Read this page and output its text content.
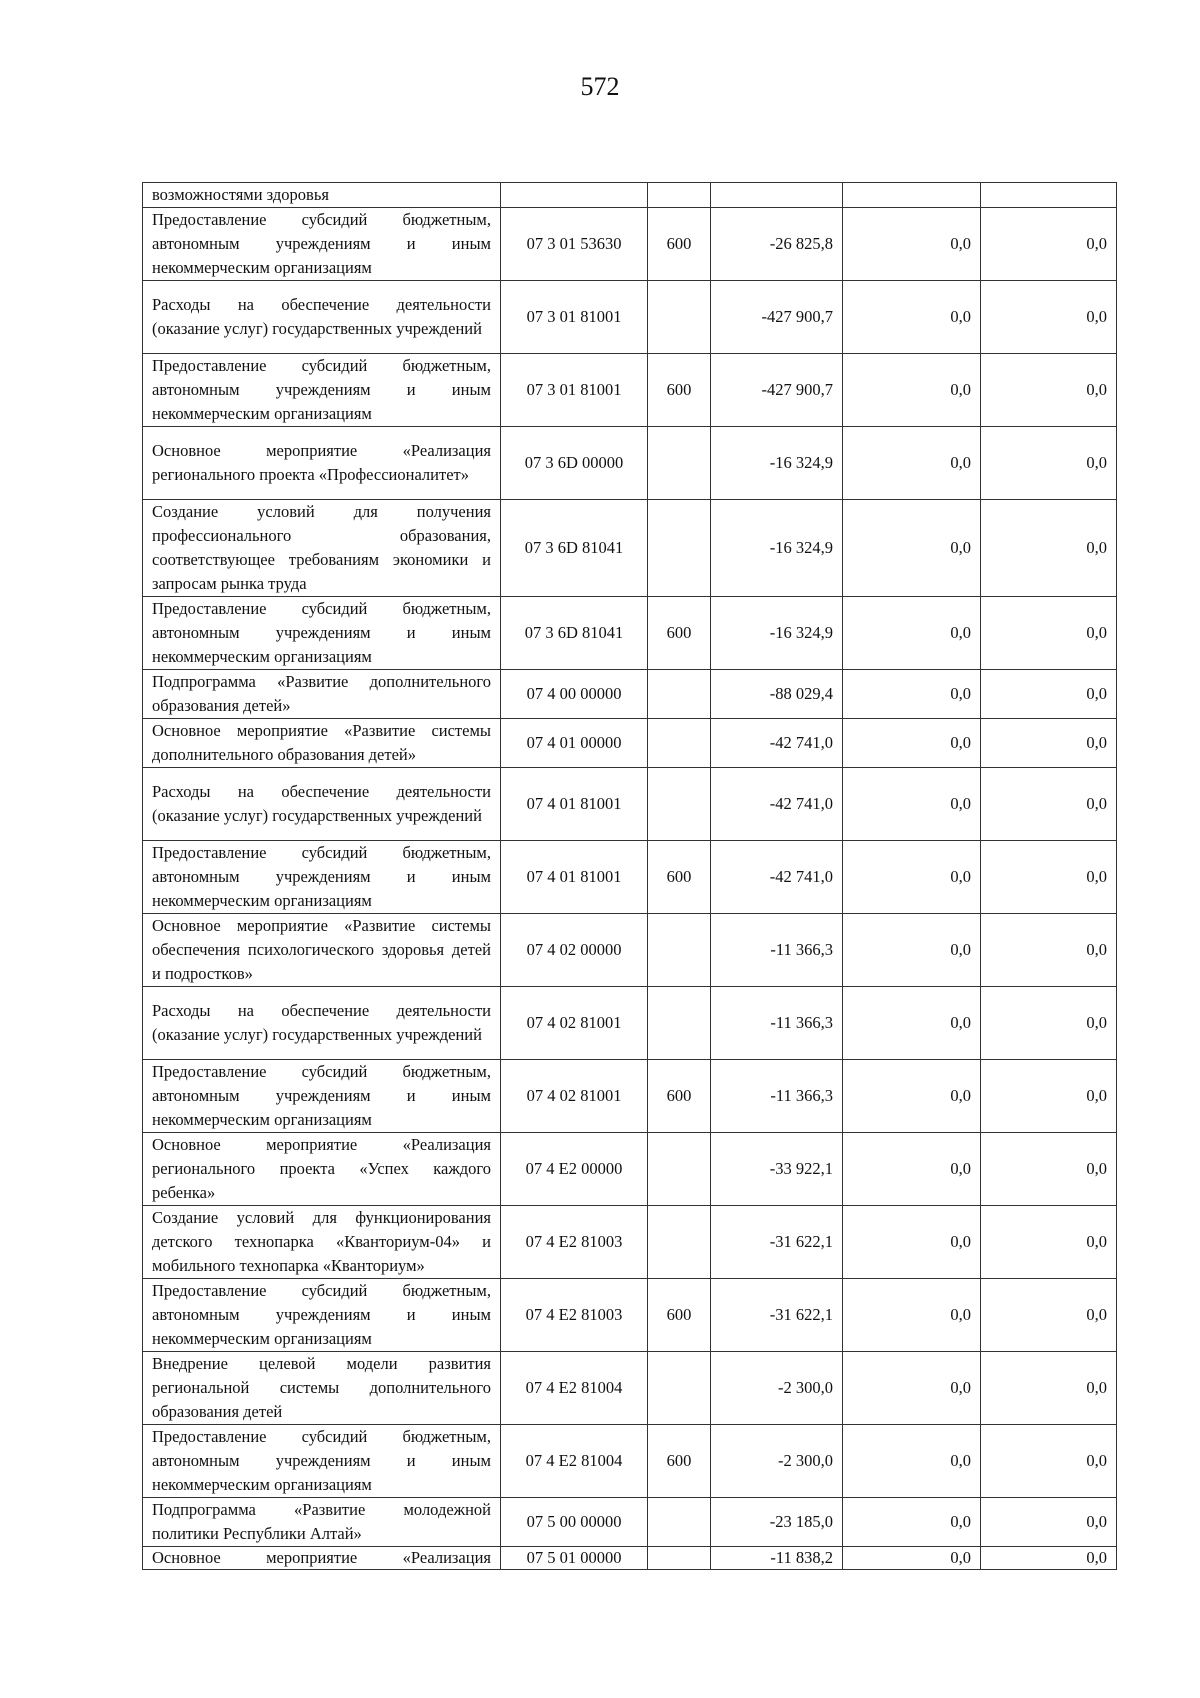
572
возможностями здоровья					
Предоставление субсидий бюджетным, автономным учреждениям и иным некоммерческим организациям	07 3 01 53630	600	-26 825,8	0,0	0,0
Расходы на обеспечение деятельности (оказание услуг) государственных учреждений	07 3 01 81001		-427 900,7	0,0	0,0
Предоставление субсидий бюджетным, автономным учреждениям и иным некоммерческим организациям	07 3 01 81001	600	-427 900,7	0,0	0,0
Основное мероприятие «Реализация регионального проекта «Профессионалитет»	07 3 6D 00000		-16 324,9	0,0	0,0
Создание условий для получения профессионального образования, соответствующее требованиям экономики и запросам рынка труда	07 3 6D 81041		-16 324,9	0,0	0,0
Предоставление субсидий бюджетным, автономным учреждениям и иным некоммерческим организациям	07 3 6D 81041	600	-16 324,9	0,0	0,0
Подпрограмма «Развитие дополнительного образования детей»	07 4 00 00000		-88 029,4	0,0	0,0
Основное мероприятие «Развитие системы дополнительного образования детей»	07 4 01 00000		-42 741,0	0,0	0,0
Расходы на обеспечение деятельности (оказание услуг) государственных учреждений	07 4 01 81001		-42 741,0	0,0	0,0
Предоставление субсидий бюджетным, автономным учреждениям и иным некоммерческим организациям	07 4 01 81001	600	-42 741,0	0,0	0,0
Основное мероприятие «Развитие системы обеспечения психологического здоровья детей и подростков»	07 4 02 00000		-11 366,3	0,0	0,0
Расходы на обеспечение деятельности (оказание услуг) государственных учреждений	07 4 02 81001		-11 366,3	0,0	0,0
Предоставление субсидий бюджетным, автономным учреждениям и иным некоммерческим организациям	07 4 02 81001	600	-11 366,3	0,0	0,0
Основное мероприятие «Реализация регионального проекта «Успех каждого ребенка»	07 4 E2 00000		-33 922,1	0,0	0,0
Создание условий для функционирования детского технопарка «Кванториум-04» и мобильного технопарка «Кванториум»	07 4 E2 81003		-31 622,1	0,0	0,0
Предоставление субсидий бюджетным, автономным учреждениям и иным некоммерческим организациям	07 4 E2 81003	600	-31 622,1	0,0	0,0
Внедрение целевой модели развития региональной системы дополнительного образования детей	07 4 E2 81004		-2 300,0	0,0	0,0
Предоставление субсидий бюджетным, автономным учреждениям и иным некоммерческим организациям	07 4 E2 81004	600	-2 300,0	0,0	0,0
Подпрограмма «Развитие молодежной политики Республики Алтай»	07 5 00 00000		-23 185,0	0,0	0,0
Основное мероприятие «Реализация	07 5 01 00000		-11 838,2	0,0	0,0
